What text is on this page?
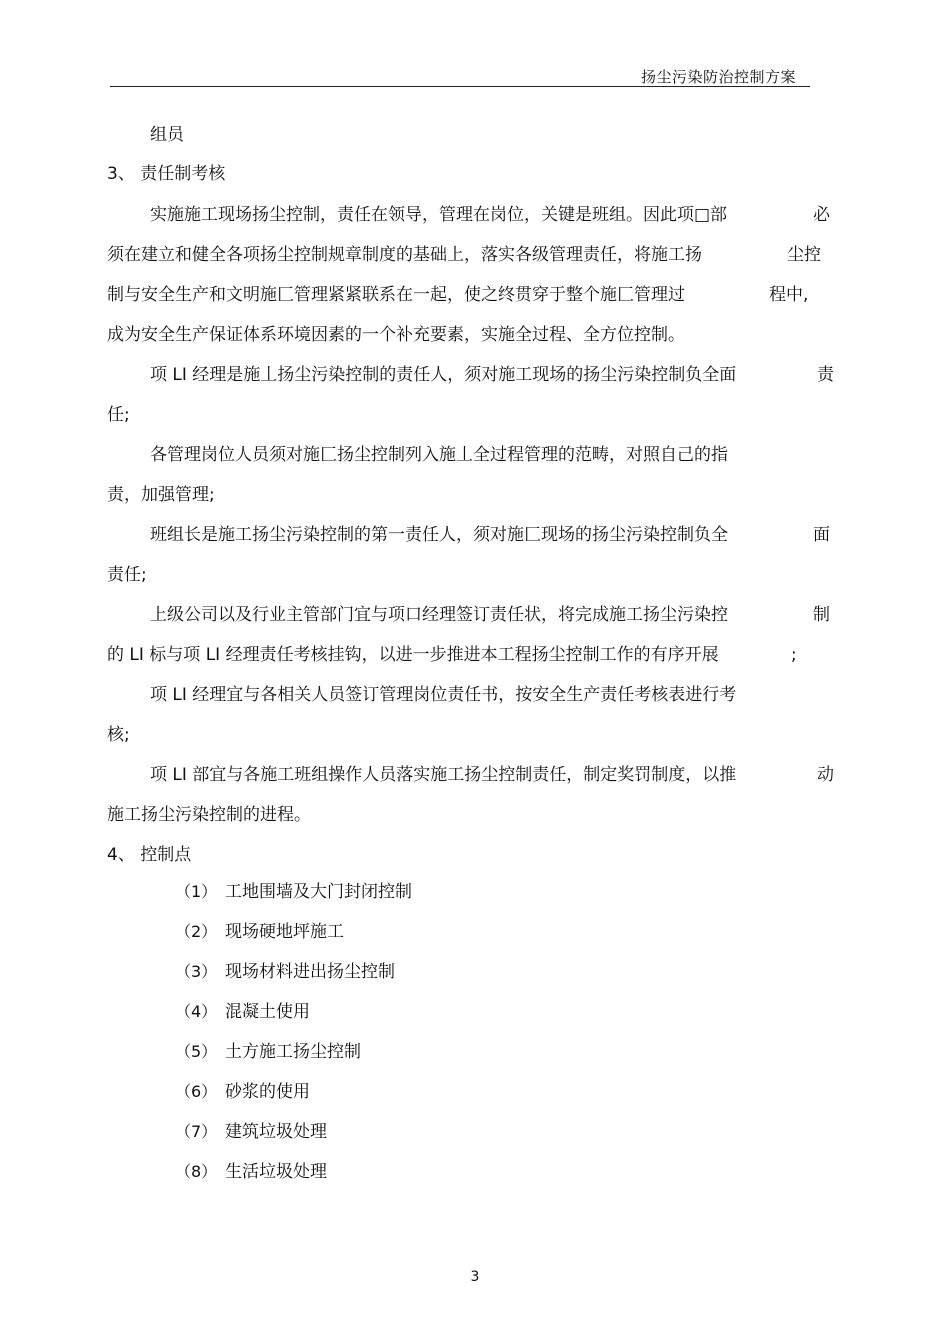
扬尘污染防治控制方案
组员
3、 责任制考核
实施施工现场扬尘控制，责任在领导，管理在岗位，关键是班组。因此项□部	必
须在建立和健全各项扬尘控制规章制度的基础上，落实各级管理责任，将施工扬	尘控
制与安全生产和文明施匚管理紧紧联系在一起，使之终贯穿于整个施匚管理过	程中,
成为安全生产保证体系环境因素的一个补充要素，实施全过程、全方位控制。
项 LI 经理是施丄扬尘污染控制的责任人，须对施工现场的扬尘污染控制负全面	责
任;
各管理岗位人员须对施匚扬尘控制列入施丄全过程管理的范畴，对照自己的指
责，加强管理;
班组长是施工扬尘污染控制的第一责任人，须对施匚现场的扬尘污染控制负全	面
责任;
上级公司以及行业主管部门宜与项口经理签订责任状，将完成施工扬尘污染控	制
的 LI 标与项 LI 经理责任考核挂钩，以进一步推进本工程扬尘控制工作的有序开展	;
项 LI 经理宜与各相关人员签订管理岗位责任书，按安全生产责任考核表进行考
核;
项 LI 部宜与各施工班组操作人员落实施工扬尘控制责任，制定奖罚制度，以推	动
施工扬尘污染控制的进程。
4、 控制点
（1） 工地围墙及大门封闭控制
（2） 现场硬地坪施工
（3） 现场材料进出扬尘控制
（4） 混凝土使用
（5） 土方施工扬尘控制
（6） 砂浆的使用
（7） 建筑垃圾处理
（8） 生活垃圾处理
3
